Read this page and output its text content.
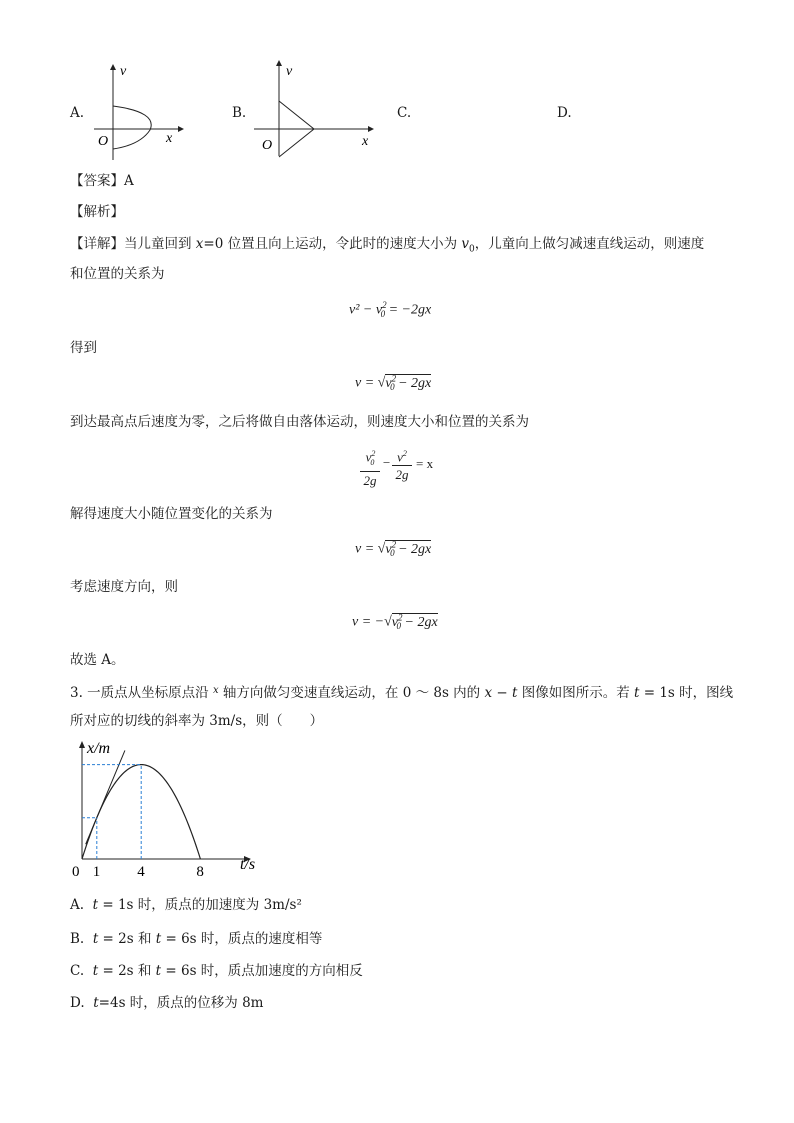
A.
v
x
O
B.
v
x
O
C.	D.
【答案】A
【解析】
【详解】当儿童回到 x=0 位置且向上运动，令此时的速度大小为 $v_0$，儿童向上做匀减速直线运动，则速度
和位置的关系为
$v^2 - v^2_0 = -2gx$
得到
$v = √v^2_0 - 2gx$
到达最高点后速度为零，之后将做自由落体运动，则速度大小和位置的关系为
$v^2_0$
2g
− $v^2$
2g
= x
解得速度大小随位置变化的关系为
$v = √v^2_0 - 2gx$
考虑速度方向，则
$v = -√v^2_0 - 2gx$
故选 A。
3. 一质点从坐标原点沿 $^x$ 轴方向做匀变速直线运动，在 0 ～ 8s 内的 x − t 图像如图所示。若 t = 1s 时，图线
所对应的切线的斜率为 3m/s，则（　　）
x/m
t/s
0 1 4	8
A. t = 1s 时，质点的加速度为 3m/s²
B. t = 2s 和 t = 6s 时，质点的速度相等
C. t = 2s 和 t = 6s 时，质点加速度的方向相反
D. t=4s 时，质点的位移为 8m
